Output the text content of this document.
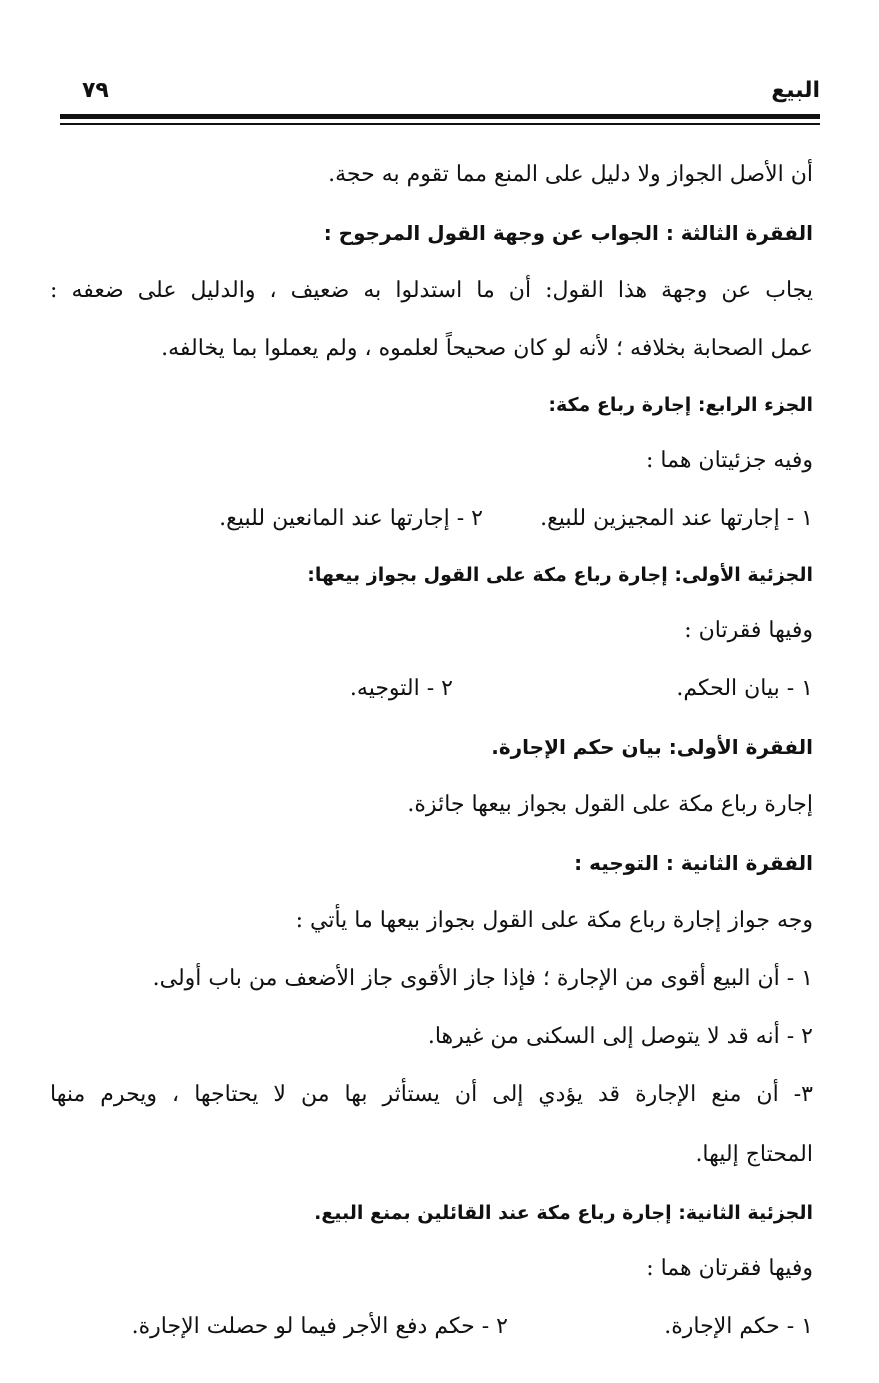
البيع
٧٩
أن الأصل الجواز ولا دليل على المنع مما تقوم به حجة.
الفقرة الثالثة : الجواب عن وجهة القول المرجوح :
يجاب عن وجهة هذا القول: أن ما استدلوا به ضعيف ، والدليل على ضعفه :
عمل الصحابة بخلافه ؛ لأنه لو كان صحيحاً لعلموه ، ولم يعملوا بما يخالفه.
الجزء الرابع: إجارة رباع مكة:
وفيه جزئيتان هما :
١ - إجارتها عند المجيزين للبيع.
٢ - إجارتها عند المانعين للبيع.
الجزئية الأولى: إجارة رباع مكة على القول بجواز بيعها:
وفيها فقرتان :
١ - بيان الحكم.
٢ - التوجيه.
الفقرة الأولى: بيان حكم الإجارة.
إجارة رباع مكة على القول بجواز بيعها جائزة.
الفقرة الثانية : التوجيه :
وجه جواز إجارة رباع مكة على القول بجواز بيعها ما يأتي :
١ - أن البيع أقوى من الإجارة ؛ فإذا جاز الأقوى جاز الأضعف من باب أولى.
٢ - أنه قد لا يتوصل إلى السكنى من غيرها.
٣- أن منع الإجارة قد يؤدي إلى أن يستأثر بها من لا يحتاجها ، ويحرم منها
المحتاج إليها.
الجزئية الثانية: إجارة رباع مكة عند القائلين بمنع البيع.
وفيها فقرتان هما :
١ - حكم الإجارة.
٢ - حكم دفع الأجر فيما لو حصلت الإجارة.
